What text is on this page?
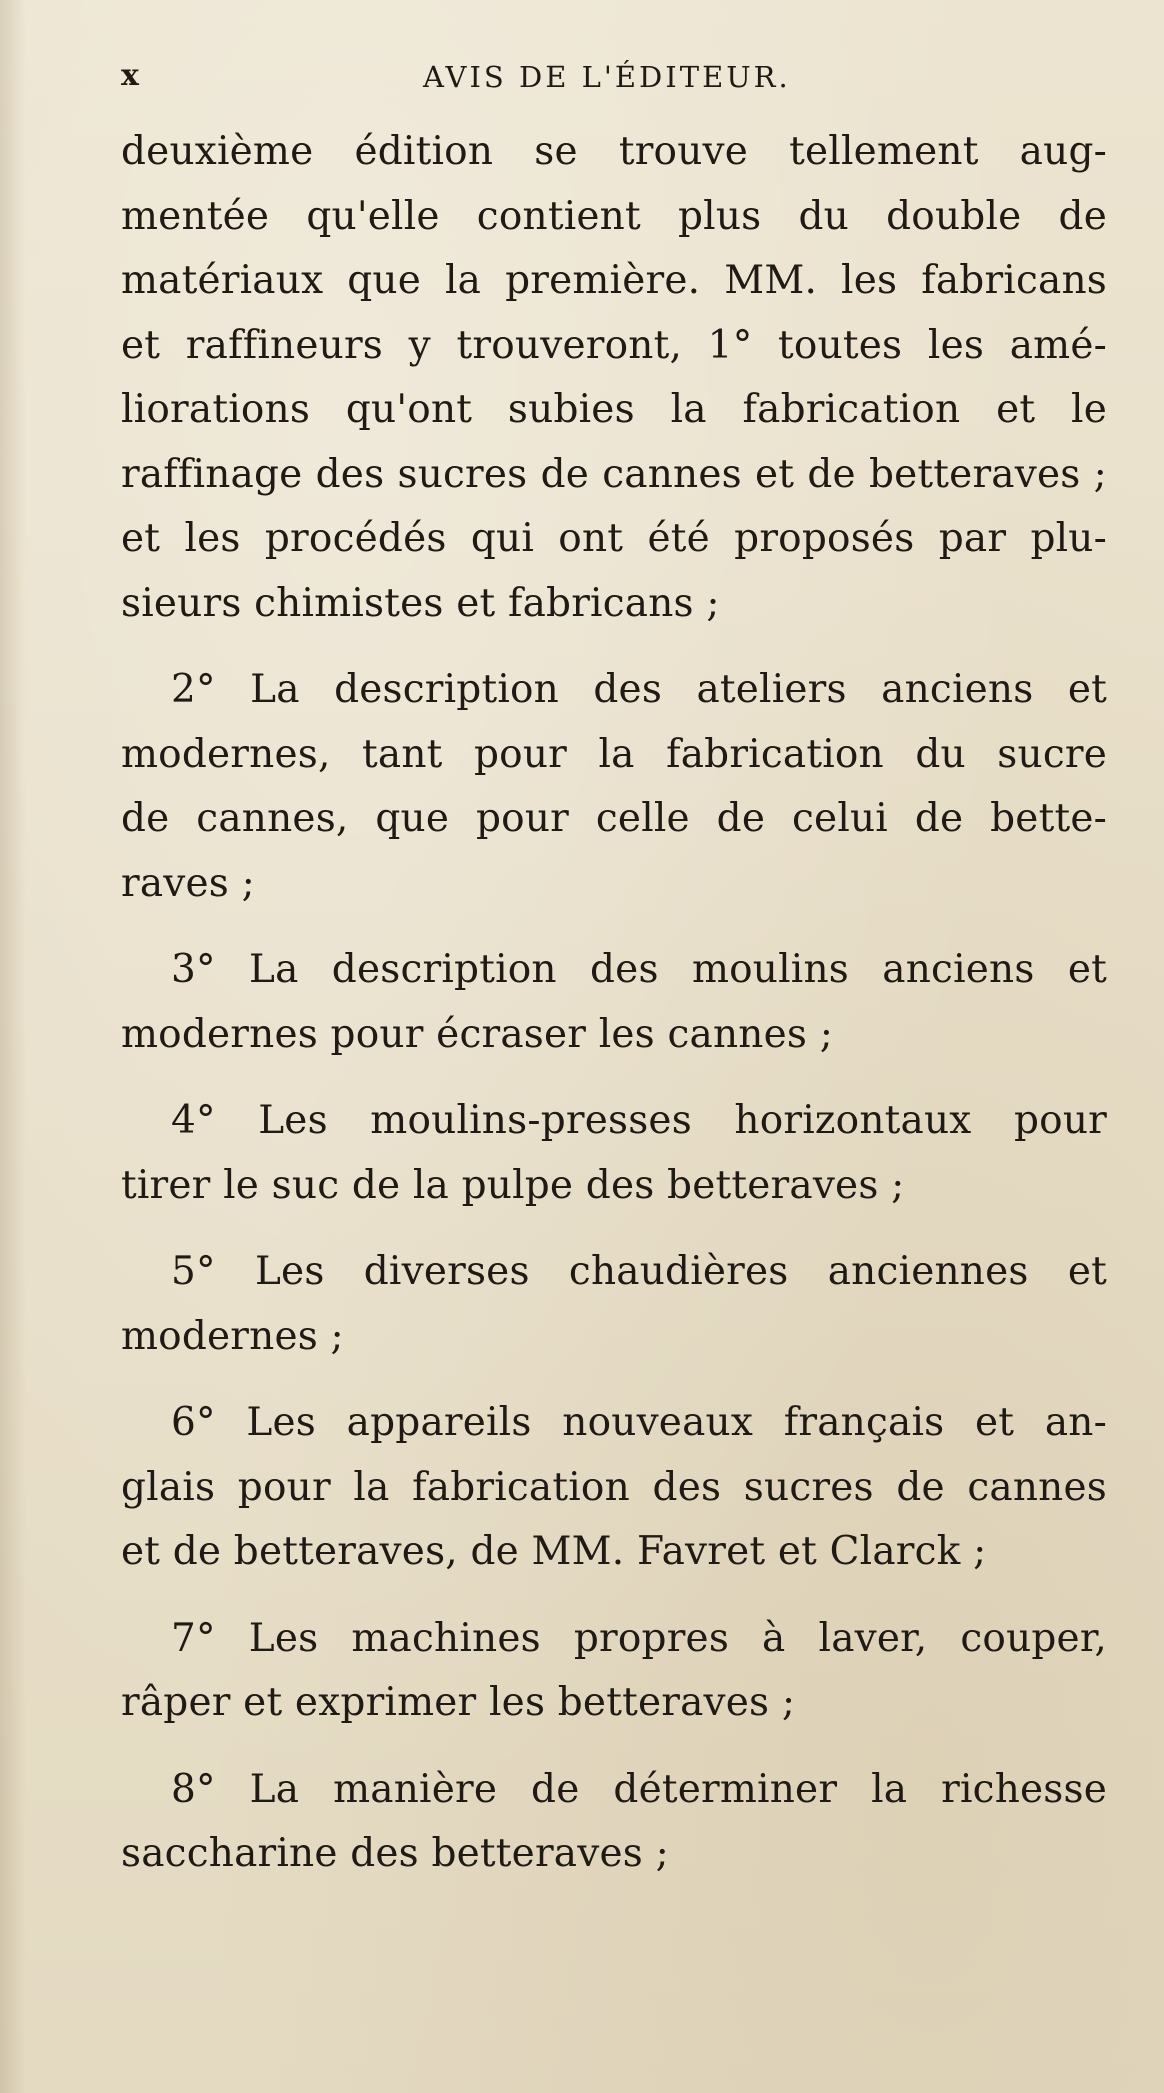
x	AVIS DE L'ÉDITEUR.

deuxième édition se trouve tellement aug-
mentée qu'elle contient plus du double de
matériaux que la première. MM. les fabricans
et raffineurs y trouveront, 1° toutes les amé-
liorations qu'ont subies la fabrication et le
raffinage des sucres de cannes et de betteraves ;
et les procédés qui ont été proposés par plu-
sieurs chimistes et fabricans ;

2° La description des ateliers anciens et
modernes, tant pour la fabrication du sucre
de cannes, que pour celle de celui de bette-
raves ;

3° La description des moulins anciens et
modernes pour écraser les cannes ;

4° Les moulins-presses horizontaux pour
tirer le suc de la pulpe des betteraves ;

5° Les diverses chaudières anciennes et
modernes ;

6° Les appareils nouveaux français et an-
glais pour la fabrication des sucres de cannes
et de betteraves, de MM. Favret et Clarck ;

7° Les machines propres à laver, couper,
râper et exprimer les betteraves ;

8° La manière de déterminer la richesse
saccharine des betteraves ;
